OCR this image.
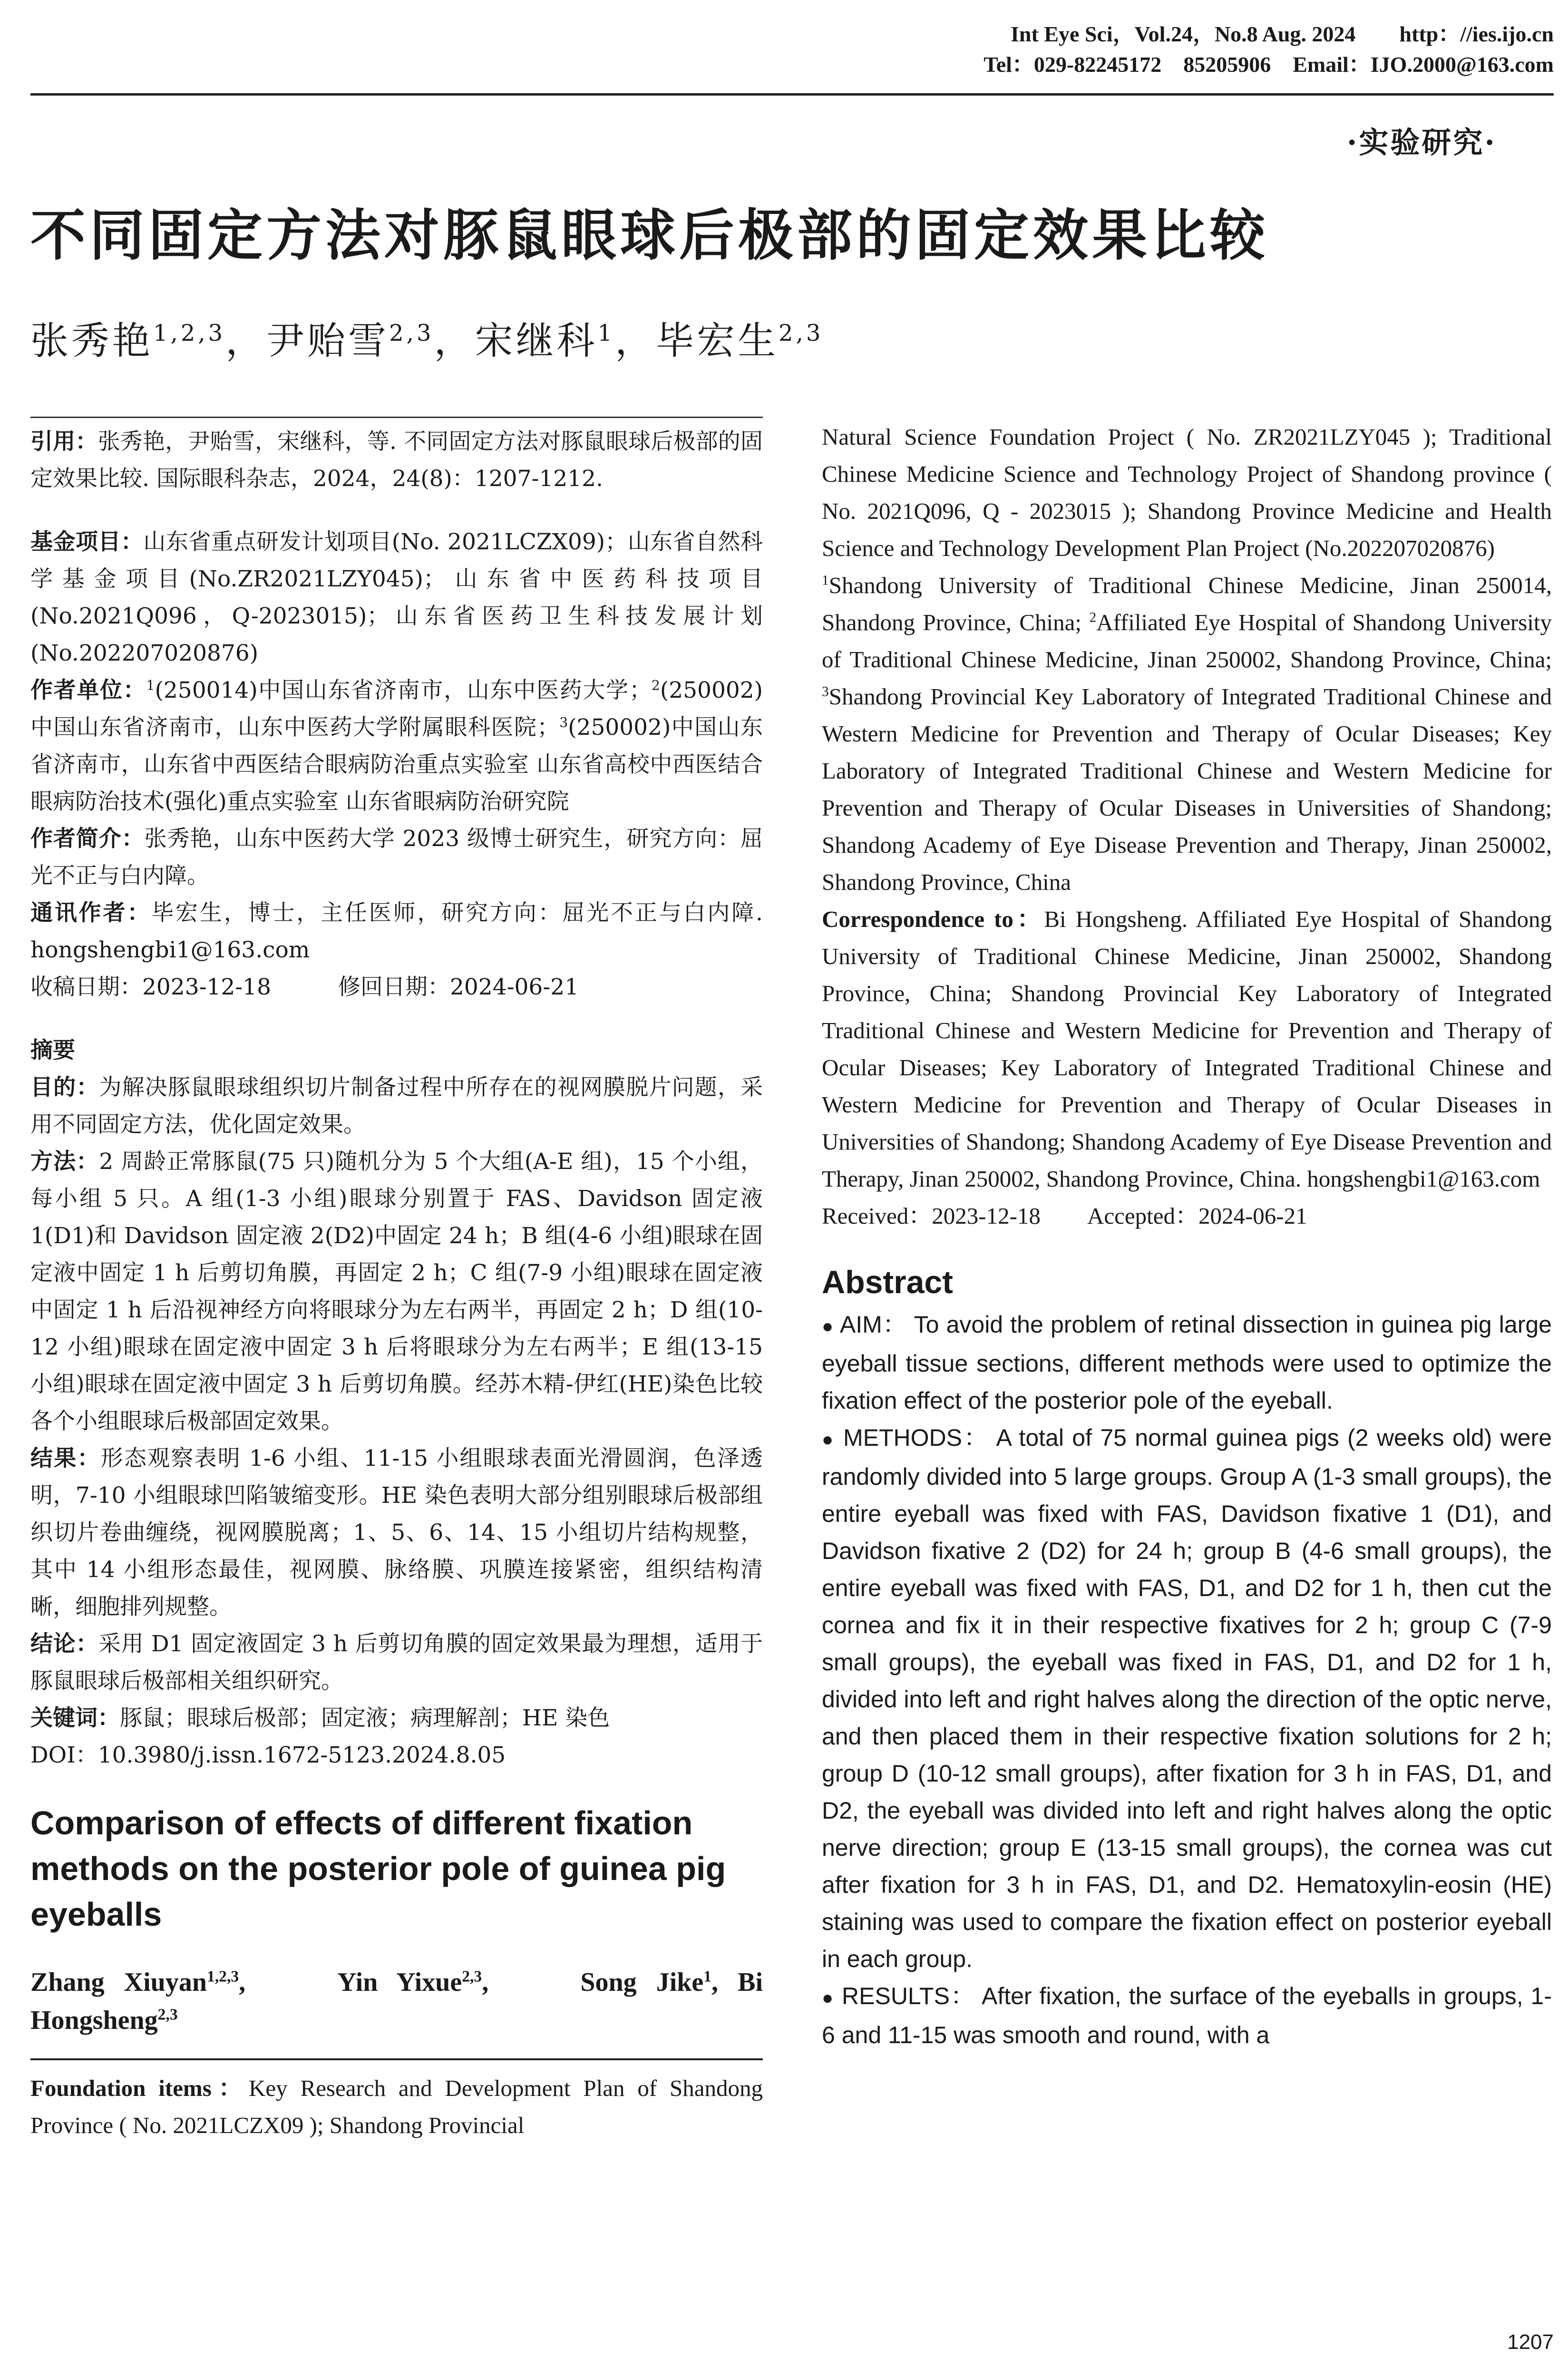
Int Eye Sci，Vol.24，No.8 Aug. 2024　　http：//ies.ijo.cn
Tel：029-82245172　85205906　Email：IJO.2000@163.com
·实验研究·
不同固定方法对豚鼠眼球后极部的固定效果比较
张秀艳$^{1,2,3}$，尹贻雪$^{2,3}$，宋继科$^1$，毕宏生$^{2,3}$

引用：张秀艳，尹贻雪，宋继科，等. 不同固定方法对豚鼠眼球后极部的固定效果比较. 国际眼科杂志，2024，24(8)：1207-1212.

基金项目：山东省重点研发计划项目(No. 2021LCZX09)；山东省自然科学基金项目(No.ZR2021LZY045)；山东省中医药科技项目(No.2021Q096，Q-2023015)；山东省医药卫生科技发展计划(No.202207020876)

作者单位：$^1$(250014)中国山东省济南市，山东中医药大学；$^2$(250002)中国山东省济南市，山东中医药大学附属眼科医院；$^3$(250002)中国山东省济南市，山东省中西医结合眼病防治重点实验室 山东省高校中西医结合眼病防治技术(强化)重点实验室 山东省眼病防治研究院

作者简介：张秀艳，山东中医药大学 2023 级博士研究生，研究方向：屈光不正与白内障。

通讯作者：毕宏生，博士，主任医师，研究方向：屈光不正与白内障. hongshengbi1@163.com

收稿日期：2023-12-18　　　	修回日期：2024-06-21

摘要

目的：为解决豚鼠眼球组织切片制备过程中所存在的视网膜脱片问题，采用不同固定方法，优化固定效果。

方法：2 周龄正常豚鼠(75 只)随机分为 5 个大组(A-E 组)，15 个小组，每小组 5 只。A 组(1-3 小组)眼球分别置于 FAS、Davidson 固定液 1(D1)和 Davidson 固定液 2(D2)中固定 24 h；B 组(4-6 小组)眼球在固定液中固定 1 h 后剪切角膜，再固定 2 h；C 组(7-9 小组)眼球在固定液中固定 1 h 后沿视神经方向将眼球分为左右两半，再固定 2 h；D 组(10-12 小组)眼球在固定液中固定 3 h 后将眼球分为左右两半；E 组(13-15 小组)眼球在固定液中固定 3 h 后剪切角膜。经苏木精-伊红(HE)染色比较各个小组眼球后极部固定效果。

结果：形态观察表明 1-6 小组、11-15 小组眼球表面光滑圆润，色泽透明，7-10 小组眼球凹陷皱缩变形。HE 染色表明大部分组别眼球后极部组织切片卷曲缠绕，视网膜脱离；1、5、6、14、15 小组切片结构规整，其中 14 小组形态最佳，视网膜、脉络膜、巩膜连接紧密，组织结构清晰，细胞排列规整。

结论：采用 D1 固定液固定 3 h 后剪切角膜的固定效果最为理想，适用于豚鼠眼球后极部相关组织研究。

关键词：豚鼠；眼球后极部；固定液；病理解剖；HE 染色

DOI：10.3980/j.issn.1672-5123.2024.8.05

Comparison of effects of different fixation methods on the posterior pole of guinea pig eyeballs

Zhang Xiuyan$^{1,2,3}$,　　Yin Yixue$^{2,3}$,　　Song Jike$^1$, Bi Hongsheng$^{2,3}$

Foundation items：Key Research and Development Plan of Shandong Province ( No. 2021LCZX09 ); Shandong Provincial

Natural Science Foundation Project ( No. ZR2021LZY045 ); Traditional Chinese Medicine Science and Technology Project of Shandong province ( No. 2021Q096, Q - 2023015 ); Shandong Province Medicine and Health Science and Technology Development Plan Project (No.202207020876)

$^1$Shandong University of Traditional Chinese Medicine, Jinan 250014, Shandong Province, China; $^2$Affiliated Eye Hospital of Shandong University of Traditional Chinese Medicine, Jinan 250002, Shandong Province, China; $^3$Shandong Provincial Key Laboratory of Integrated Traditional Chinese and Western Medicine for Prevention and Therapy of Ocular Diseases; Key Laboratory of Integrated Traditional Chinese and Western Medicine for Prevention and Therapy of Ocular Diseases in Universities of Shandong; Shandong Academy of Eye Disease Prevention and Therapy, Jinan 250002, Shandong Province, China

Correspondence to：Bi Hongsheng. Affiliated Eye Hospital of Shandong University of Traditional Chinese Medicine, Jinan 250002, Shandong Province, China; Shandong Provincial Key Laboratory of Integrated Traditional Chinese and Western Medicine for Prevention and Therapy of Ocular Diseases; Key Laboratory of Integrated Traditional Chinese and Western Medicine for Prevention and Therapy of Ocular Diseases in Universities of Shandong; Shandong Academy of Eye Disease Prevention and Therapy, Jinan 250002, Shandong Province, China. hongshengbi1@163.com

Received：2023-12-18　　 Accepted：2024-06-21

Abstract

● AIM： To avoid the problem of retinal dissection in guinea pig large eyeball tissue sections, different methods were used to optimize the fixation effect of the posterior pole of the eyeball.

● METHODS： A total of 75 normal guinea pigs (2 weeks old) were randomly divided into 5 large groups. Group A (1-3 small groups), the entire eyeball was fixed with FAS, Davidson fixative 1 (D1), and Davidson fixative 2 (D2) for 24 h; group B (4-6 small groups), the entire eyeball was fixed with FAS, D1, and D2 for 1 h, then cut the cornea and fix it in their respective fixatives for 2 h; group C (7-9 small groups), the eyeball was fixed in FAS, D1, and D2 for 1 h, divided into left and right halves along the direction of the optic nerve, and then placed them in their respective fixation solutions for 2 h; group D (10-12 small groups), after fixation for 3 h in FAS, D1, and D2, the eyeball was divided into left and right halves along the optic nerve direction; group E (13-15 small groups), the cornea was cut after fixation for 3 h in FAS, D1, and D2. Hematoxylin-eosin (HE) staining was used to compare the fixation effect on posterior eyeball in each group.

● RESULTS： After fixation, the surface of the eyeballs in groups, 1-6 and 11-15 was smooth and round, with a

1207
